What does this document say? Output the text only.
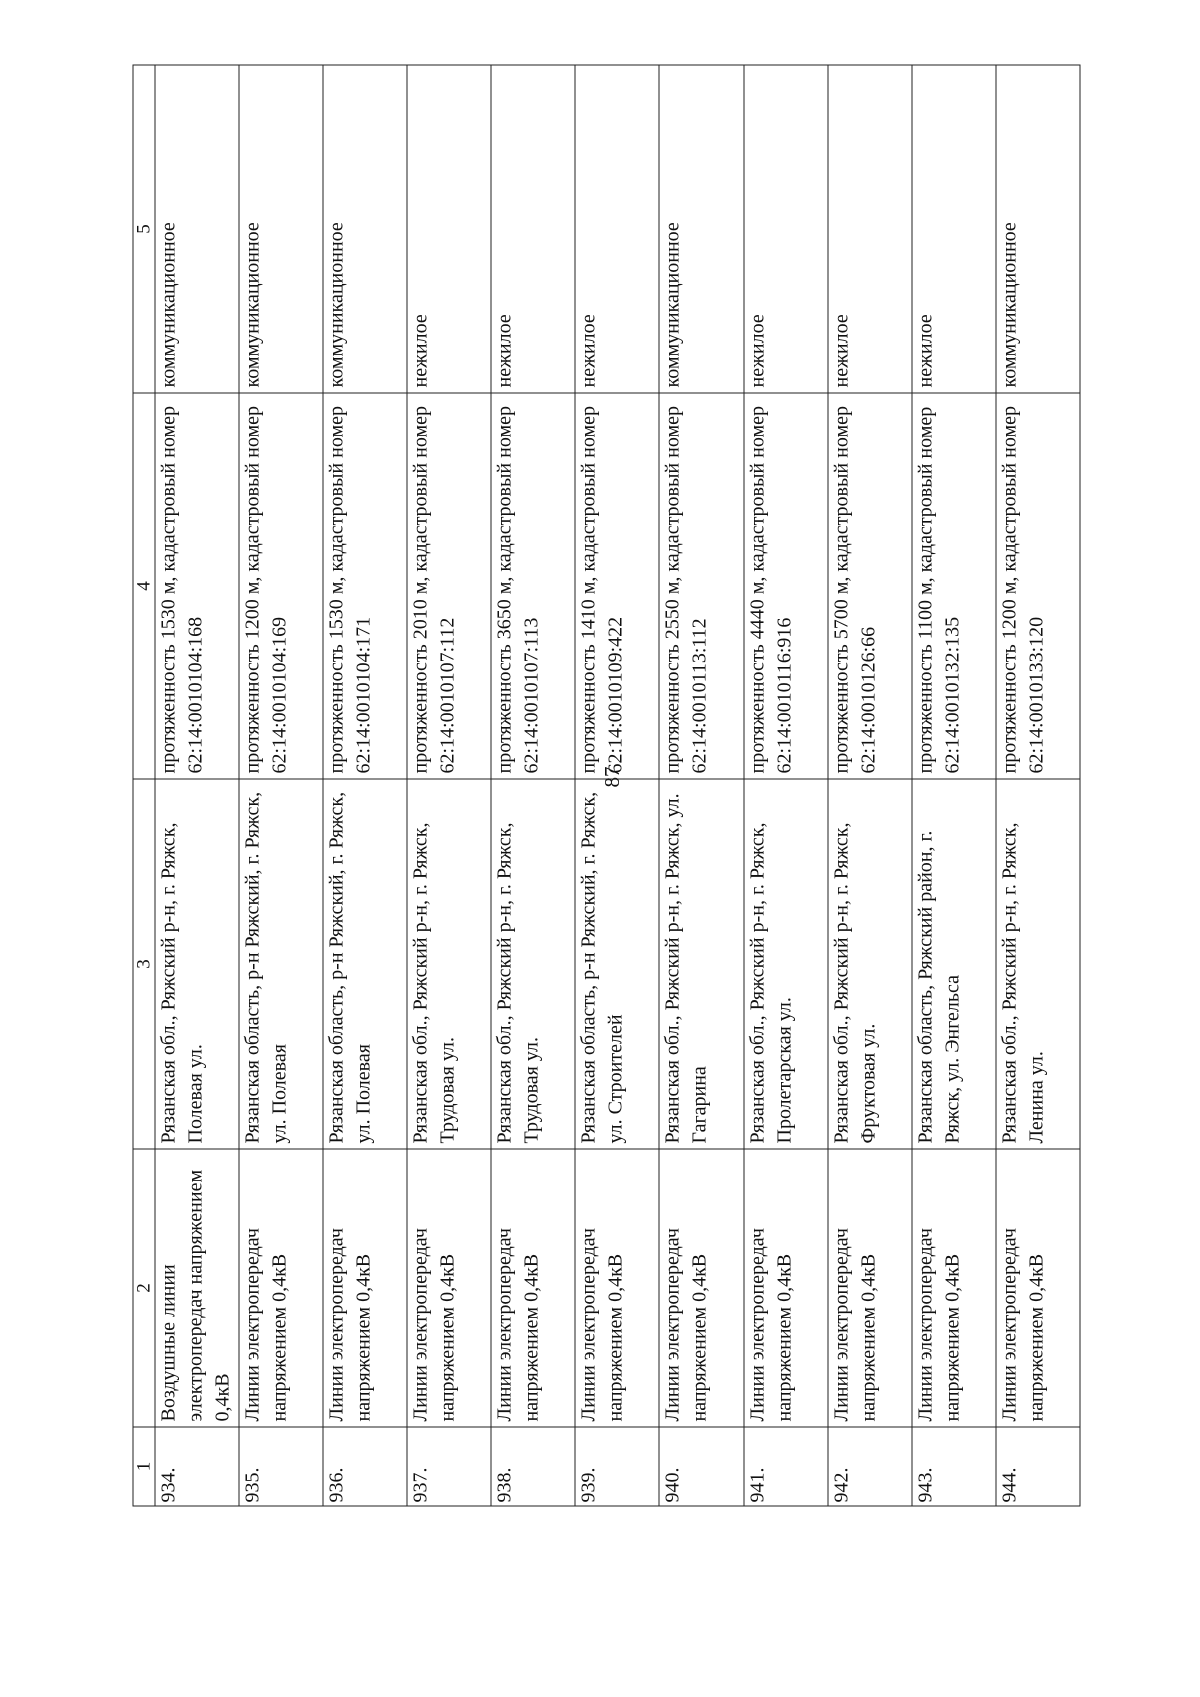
87
1	2	3	4	5
934.	Воздушные линии электропередач напряжением 0,4кВ	Рязанская обл., Ряжский р-н, г. Ряжск, Полевая ул.	протяженность 1530 м, кадастровый номер 62:14:0010104:168	коммуникационное
935.	Линии электропередач напряжением 0,4кВ	Рязанская область, р-н Ряжский, г. Ряжск, ул. Полевая	протяженность 1200 м, кадастровый номер 62:14:0010104:169	коммуникационное
936.	Линии электропередач напряжением 0,4кВ	Рязанская область, р-н Ряжский, г. Ряжск, ул. Полевая	протяженность 1530 м, кадастровый номер 62:14:0010104:171	коммуникационное
937.	Линии электропередач напряжением 0,4кВ	Рязанская обл., Ряжский р-н, г. Ряжск, Трудовая ул.	протяженность 2010 м, кадастровый номер 62:14:0010107:112	нежилое
938.	Линии электропередач напряжением 0,4кВ	Рязанская обл., Ряжский р-н, г. Ряжск, Трудовая ул.	протяженность 3650 м, кадастровый номер 62:14:0010107:113	нежилое
939.	Линии электропередач напряжением 0,4кВ	Рязанская область, р-н Ряжский, г. Ряжск, ул. Строителей	протяженность 1410 м, кадастровый номер 62:14:0010109:422	нежилое
940.	Линии электропередач напряжением 0,4кВ	Рязанская обл., Ряжский р-н, г. Ряжск, ул. Гагарина	протяженность 2550 м, кадастровый номер 62:14:0010113:112	коммуникационное
941.	Линии электропередач напряжением 0,4кВ	Рязанская обл., Ряжский р-н, г. Ряжск, Пролетарская ул.	протяженность 4440 м, кадастровый номер 62:14:0010116:916	нежилое
942.	Линии электропередач напряжением 0,4кВ	Рязанская обл., Ряжский р-н, г. Ряжск, Фруктовая ул.	протяженность 5700 м, кадастровый номер 62:14:0010126:66	нежилое
943.	Линии электропередач напряжением 0,4кВ	Рязанская область, Ряжский район, г. Ряжск, ул. Энгельса	протяженность 1100 м, кадастровый номер 62:14:0010132:135	нежилое
944.	Линии электропередач напряжением 0,4кВ	Рязанская обл., Ряжский р-н, г. Ряжск, Ленина ул.	протяженность 1200 м, кадастровый номер 62:14:0010133:120	коммуникационное
